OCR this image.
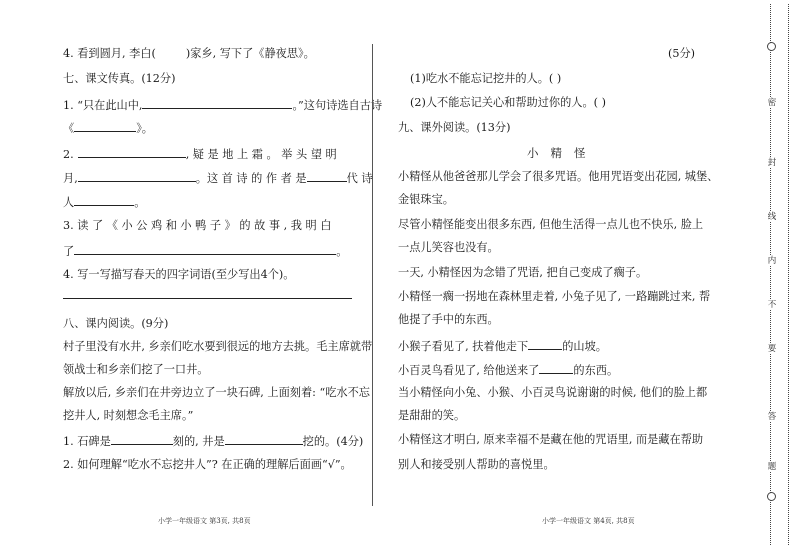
4. 看到圆月, 李白(	)家乡, 写下了《静夜思》。
七、课文传真。(12分)
1. “只在此山中,	。”这句诗选自古诗
《	》。
2.	, 疑 是 地 上 霜 。 举 头 望 明
月,	。这 首 诗 的 作 者 是	代 诗
人	。
3. 读 了 《 小 公 鸡 和 小 鸭 子 》 的 故 事 , 我 明 白
了	。
4. 写一写描写春天的四字词语(至少写出4个)。
八、课内阅读。(9分)
村子里没有水井, 乡亲们吃水要到很远的地方去挑。毛主席就带
领战士和乡亲们挖了一口井。
解放以后, 乡亲们在井旁边立了一块石碑, 上面刻着: “吃水不忘
挖井人, 时刻想念毛主席。”
1. 石碑是	刻的, 井是	挖的。(4分)
2. 如何理解“吃水不忘挖井人”? 在正确的理解后面画“√”。
小学一年级语文 第3页, 共8页
(5分)
(1)吃水不能忘记挖井的人。( )
(2)人不能忘记关心和帮助过你的人。( )
九、课外阅读。(13分)
小精怪
小精怪从他爸爸那儿学会了很多咒语。他用咒语变出花园, 城堡、
金银珠宝。
尽管小精怪能变出很多东西, 但他生活得一点儿也不快乐, 脸上
一点儿笑容也没有。
一天, 小精怪因为念错了咒语, 把自己变成了瘸子。
小精怪一瘸一拐地在森林里走着, 小兔子见了, 一路蹦跳过来, 帮
他提了手中的东西。
小猴子看见了, 扶着他走下	的山坡。
小百灵鸟看见了, 给他送来了	的东西。
当小精怪向小兔、小猴、小百灵鸟说谢谢的时候, 他们的脸上都
是甜甜的笑。
小精怪这才明白, 原来幸福不是藏在他的咒语里, 而是藏在帮助
别人和接受别人帮助的喜悦里。
小学一年级语文 第4页, 共8页
密
封
线
内
不
要
答
题
